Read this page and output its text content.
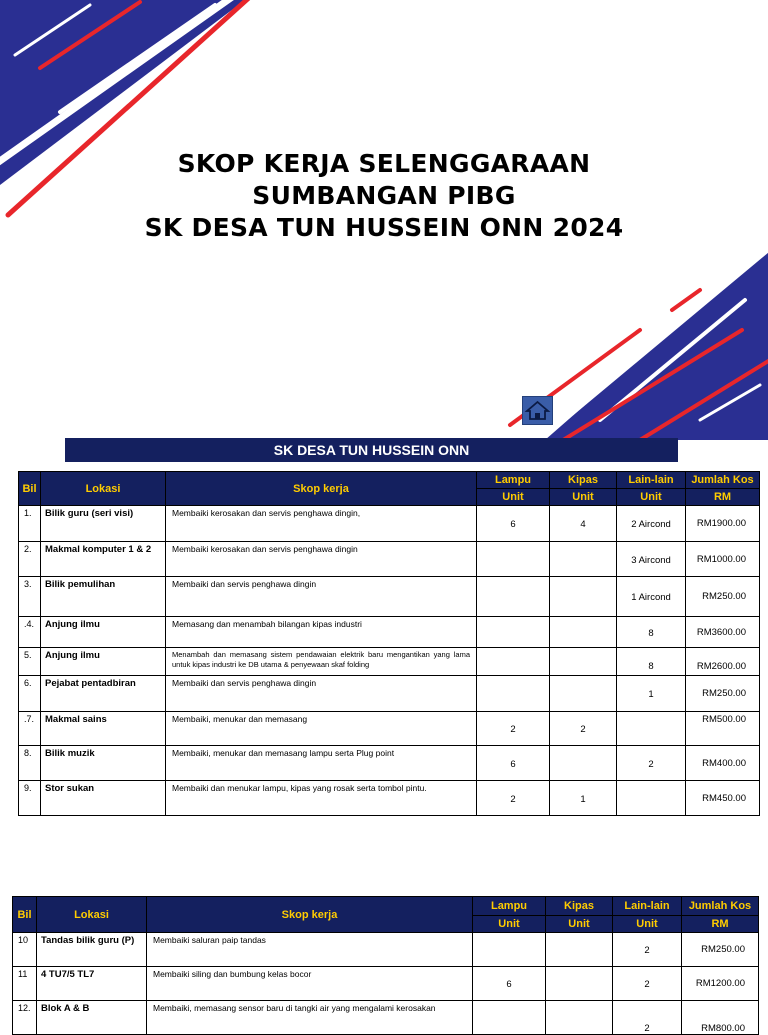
SKOP KERJA SELENGGARAAN
SUMBANGAN PIBG
SK DESA TUN HUSSEIN ONN 2024
SK DESA TUN HUSSEIN ONN
Bil	Lokasi	Skop kerja	Lampu	Kipas	Lain-lain	Jumlah Kos
			Unit	Unit	Unit	RM
1.	Bilik guru (seri visi)	Membaiki kerosakan dan servis penghawa dingin,	6	4	2 Aircond	RM1900.00
2.	Makmal komputer 1 & 2	Membaiki kerosakan dan servis penghawa dingin			3 Aircond	RM1000.00
3.	Bilik pemulihan	Membaiki dan servis penghawa dingin			1 Aircond	RM250.00
.4.	Anjung ilmu	Memasang dan menambah bilangan kipas industri			8	RM3600.00
5.	Anjung ilmu	Menambah dan memasang sistem pendawaian elektrik baru mengantikan yang lama untuk kipas industri ke DB utama & penyewaan skaf folding			8	RM2600.00
6.	Pejabat pentadbiran	Membaiki dan servis penghawa dingin			1	RM250.00
.7.	Makmal sains	Membaiki, menukar dan memasang	2	2		RM500.00
8.	Bilik muzik	Membaiki, menukar dan memasang lampu serta Plug point	6		2	RM400.00
9.	Stor sukan	Membaiki dan menukar lampu, kipas yang rosak serta tombol pintu.	2	1		RM450.00
Bil	Lokasi	Skop kerja	Lampu	Kipas	Lain-lain	Jumlah Kos
			Unit	Unit	Unit	RM
10	Tandas bilik guru (P)	Membaiki saluran paip tandas			2	RM250.00
11	4 TU7/5 TL7	Membaiki siling dan bumbung kelas bocor	6		2	RM1200.00
12.	Blok A & B	Membaiki, memasang sensor baru di tangki air yang mengalami kerosakan			2	RM800.00
